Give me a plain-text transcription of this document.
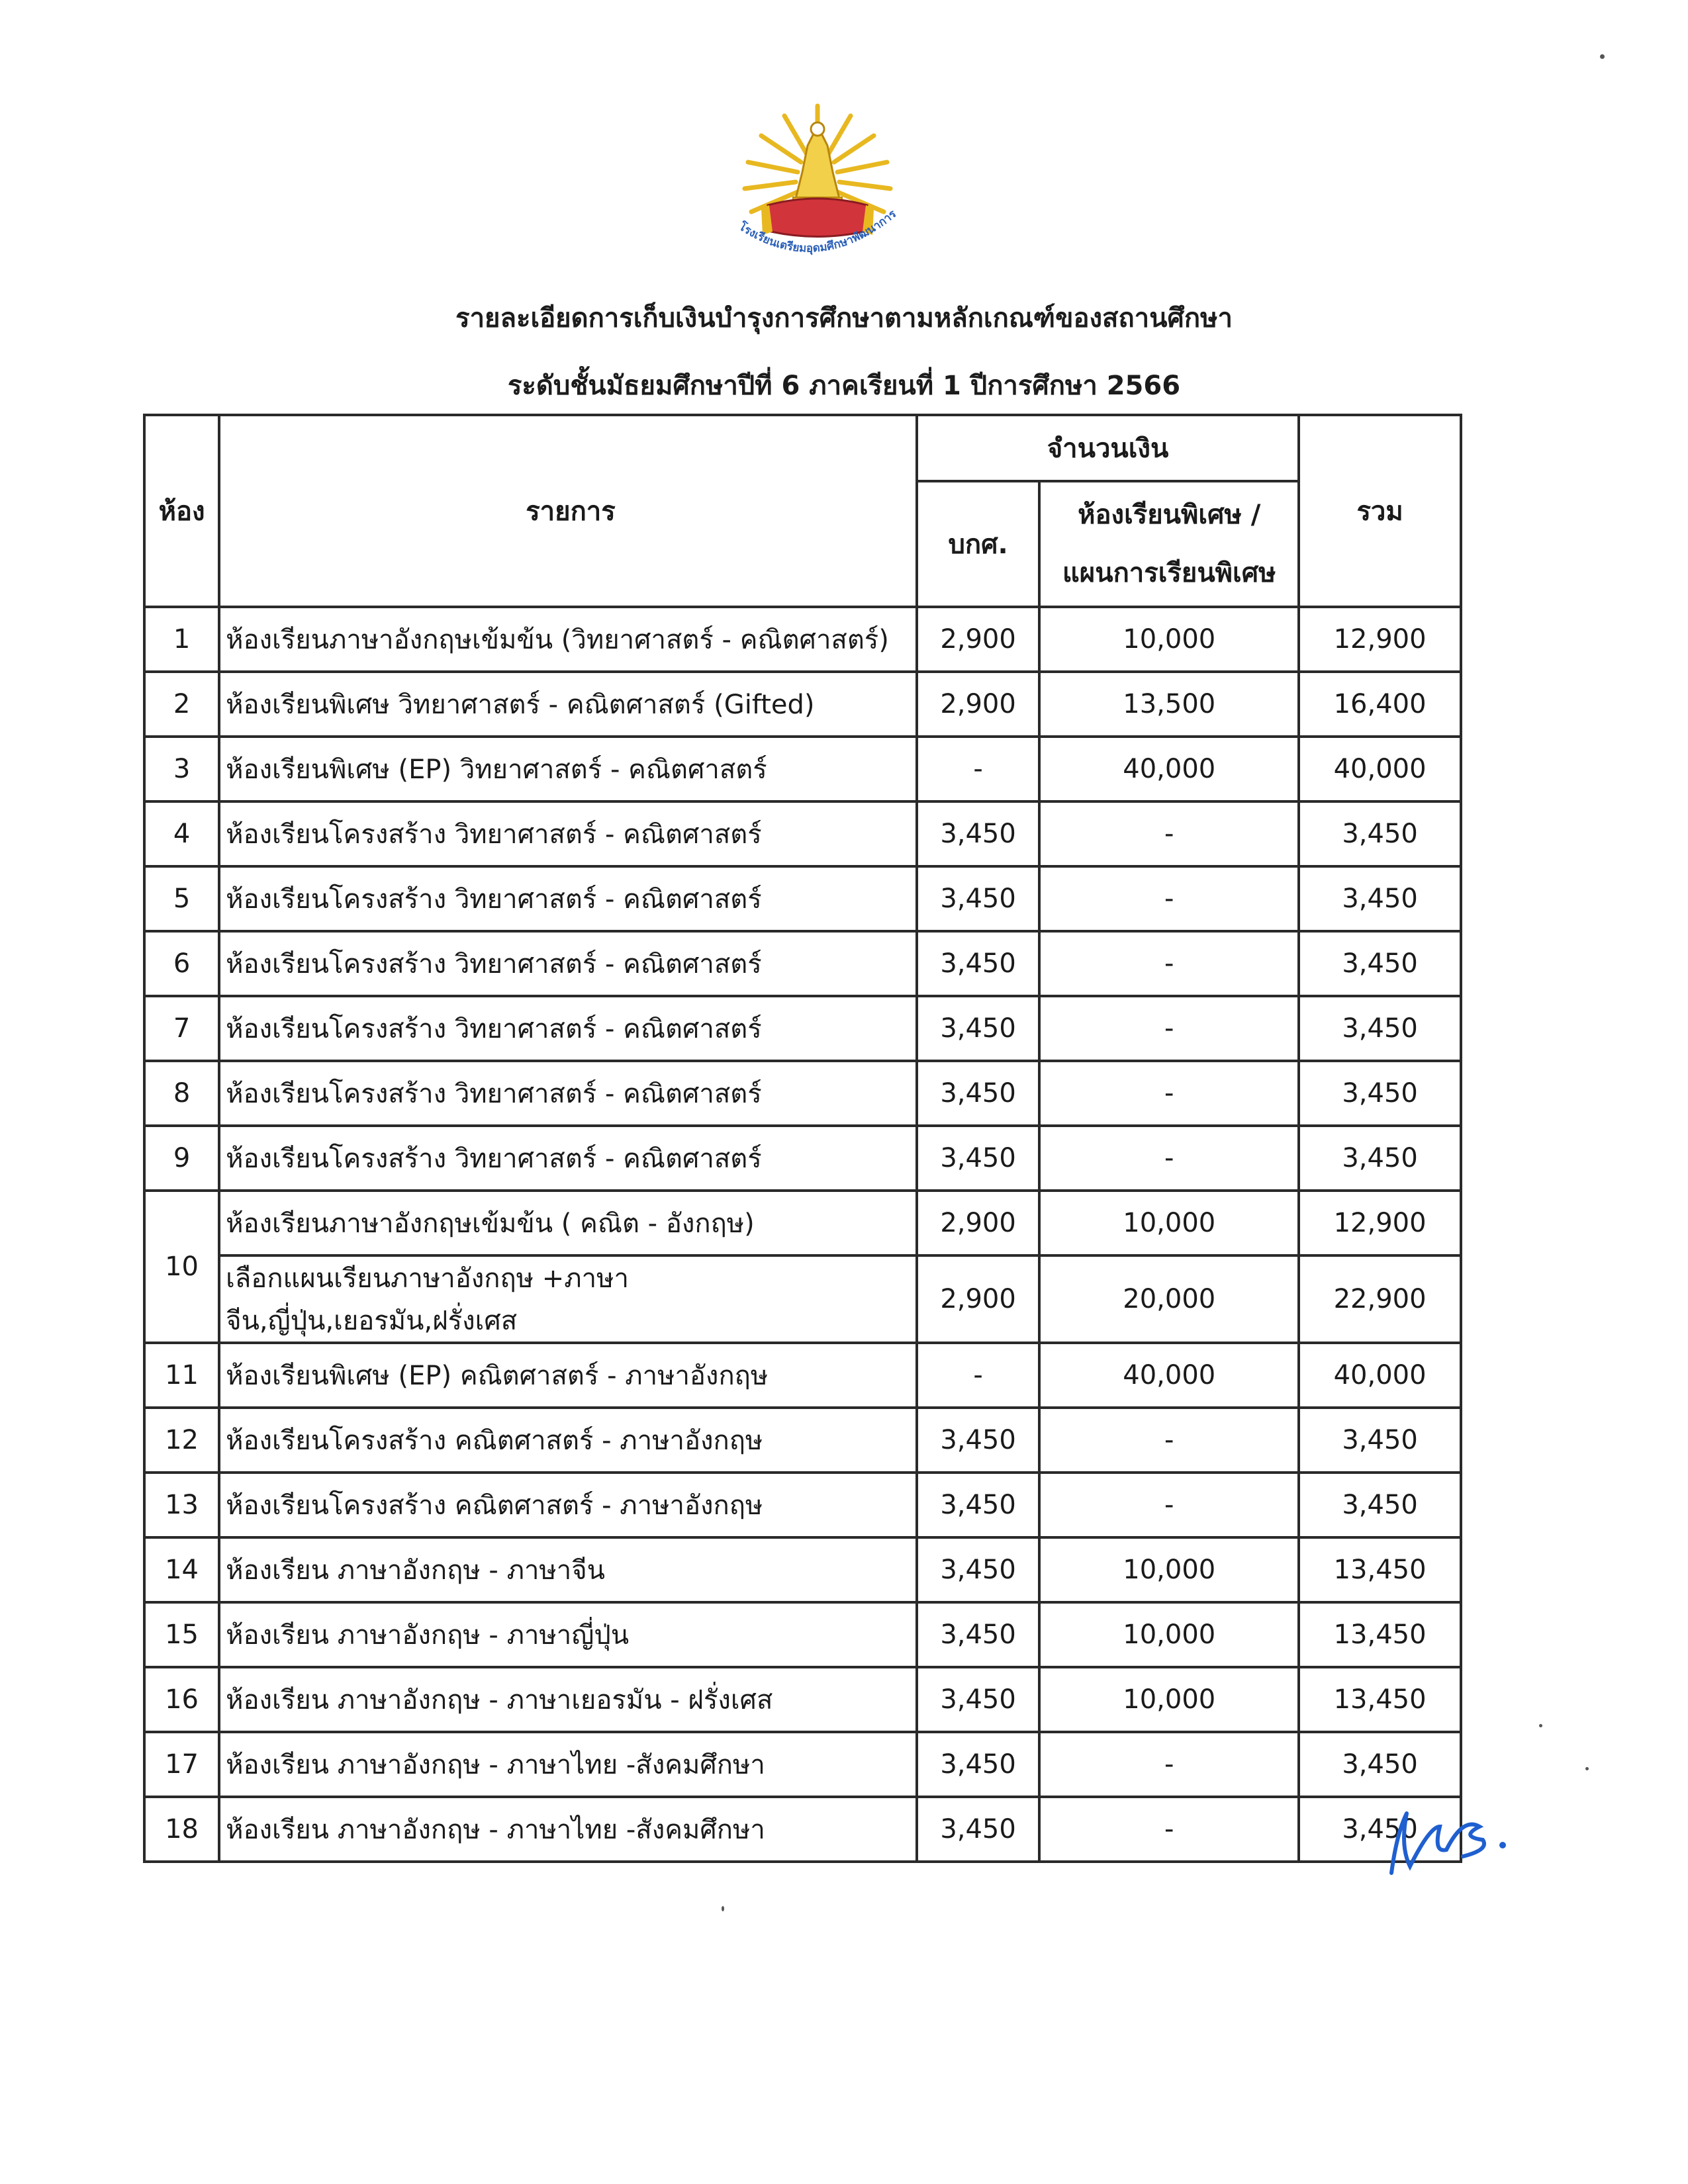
โรงเรียนเตรียมอุดมศึกษาพัฒนาการ
รายละเอียดการเก็บเงินบำรุงการศึกษาตามหลักเกณฑ์ของสถานศึกษา
ระดับชั้นมัธยมศึกษาปีที่ 6 ภาคเรียนที่ 1 ปีการศึกษา 2566
ห้อง	รายการ	จำนวนเงิน		รวม
		บกศ.	ห้องเรียนพิเศษ /
แผนการเรียนพิเศษ	

1	ห้องเรียนภาษาอังกฤษเข้มข้น (วิทยาศาสตร์ - คณิตศาสตร์)	2,900	10,000	12,900
2	ห้องเรียนพิเศษ วิทยาศาสตร์ - คณิตศาสตร์ (Gifted)	2,900	13,500	16,400
3	ห้องเรียนพิเศษ (EP) วิทยาศาสตร์ - คณิตศาสตร์	-	40,000	40,000
4	ห้องเรียนโครงสร้าง วิทยาศาสตร์ - คณิตศาสตร์	3,450	-	3,450
5	ห้องเรียนโครงสร้าง วิทยาศาสตร์ - คณิตศาสตร์	3,450	-	3,450
6	ห้องเรียนโครงสร้าง วิทยาศาสตร์ - คณิตศาสตร์	3,450	-	3,450
7	ห้องเรียนโครงสร้าง วิทยาศาสตร์ - คณิตศาสตร์	3,450	-	3,450
8	ห้องเรียนโครงสร้าง วิทยาศาสตร์ - คณิตศาสตร์	3,450	-	3,450
9	ห้องเรียนโครงสร้าง วิทยาศาสตร์ - คณิตศาสตร์	3,450	-	3,450
10	ห้องเรียนภาษาอังกฤษเข้มข้น ( คณิต - อังกฤษ)	2,900	10,000	12,900
	เลือกแผนเรียนภาษาอังกฤษ +ภาษาจีน,ญี่ปุ่น,เยอรมัน,ฝรั่งเศส	2,900	20,000	22,900
11	ห้องเรียนพิเศษ (EP) คณิตศาสตร์ - ภาษาอังกฤษ	-	40,000	40,000
12	ห้องเรียนโครงสร้าง คณิตศาสตร์ - ภาษาอังกฤษ	3,450	-	3,450
13	ห้องเรียนโครงสร้าง คณิตศาสตร์ - ภาษาอังกฤษ	3,450	-	3,450
14	ห้องเรียน ภาษาอังกฤษ - ภาษาจีน	3,450	10,000	13,450
15	ห้องเรียน ภาษาอังกฤษ - ภาษาญี่ปุ่น	3,450	10,000	13,450
16	ห้องเรียน ภาษาอังกฤษ - ภาษาเยอรมัน - ฝรั่งเศส	3,450	10,000	13,450
17	ห้องเรียน ภาษาอังกฤษ - ภาษาไทย -สังคมศึกษา	3,450	-	3,450
18	ห้องเรียน ภาษาอังกฤษ - ภาษาไทย -สังคมศึกษา	3,450	-	3,450
